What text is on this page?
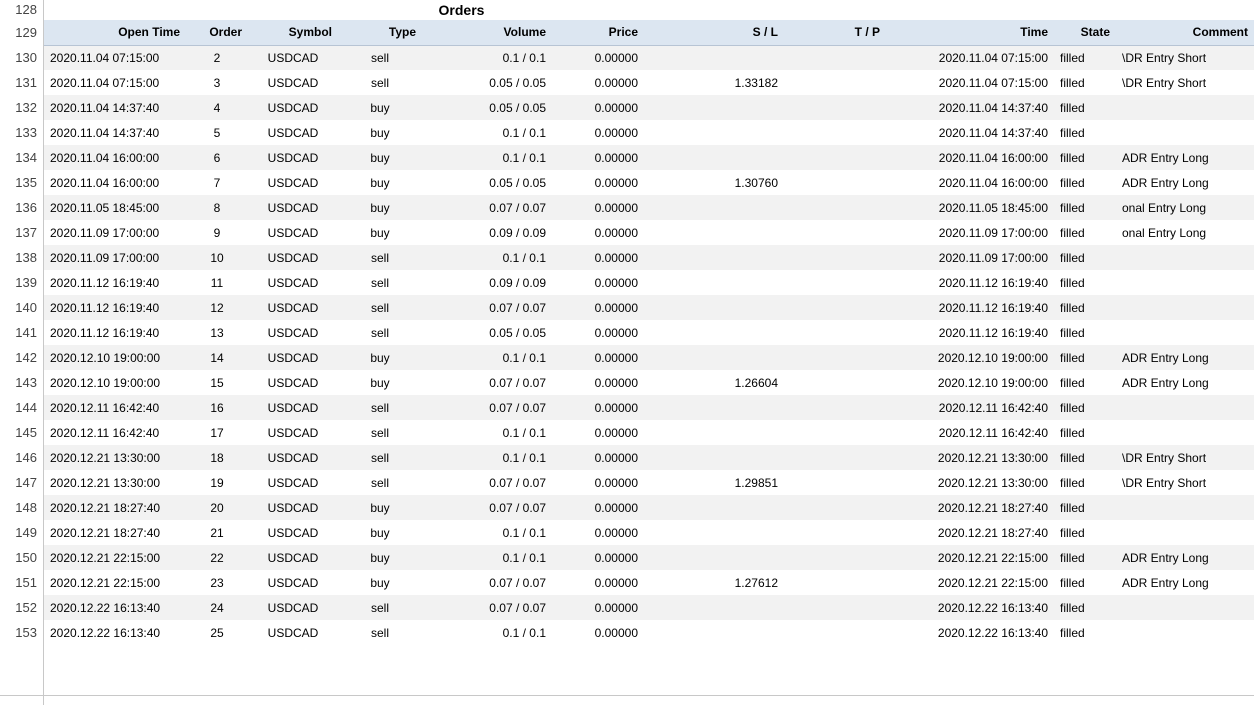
128
129
130
131
132
133
134
135
136
137
138
139
140
141
142
143
144
145
146
147
148
149
150
151
152
153
Orders
Open Time	Order	Symbol	Type	Volume	Price	S / L	T / P	Time	State	Comment
2020.11.04 07:15:00	2	USDCAD	sell	0.1 / 0.1	0.00000			2020.11.04 07:15:00	filled	\DR Entry Short
2020.11.04 07:15:00	3	USDCAD	sell	0.05 / 0.05	0.00000	1.33182		2020.11.04 07:15:00	filled	\DR Entry Short
2020.11.04 14:37:40	4	USDCAD	buy	0.05 / 0.05	0.00000			2020.11.04 14:37:40	filled	
2020.11.04 14:37:40	5	USDCAD	buy	0.1 / 0.1	0.00000			2020.11.04 14:37:40	filled	
2020.11.04 16:00:00	6	USDCAD	buy	0.1 / 0.1	0.00000			2020.11.04 16:00:00	filled	ADR Entry Long
2020.11.04 16:00:00	7	USDCAD	buy	0.05 / 0.05	0.00000	1.30760		2020.11.04 16:00:00	filled	ADR Entry Long
2020.11.05 18:45:00	8	USDCAD	buy	0.07 / 0.07	0.00000			2020.11.05 18:45:00	filled	onal Entry Long
2020.11.09 17:00:00	9	USDCAD	buy	0.09 / 0.09	0.00000			2020.11.09 17:00:00	filled	onal Entry Long
2020.11.09 17:00:00	10	USDCAD	sell	0.1 / 0.1	0.00000			2020.11.09 17:00:00	filled	
2020.11.12 16:19:40	11	USDCAD	sell	0.09 / 0.09	0.00000			2020.11.12 16:19:40	filled	
2020.11.12 16:19:40	12	USDCAD	sell	0.07 / 0.07	0.00000			2020.11.12 16:19:40	filled	
2020.11.12 16:19:40	13	USDCAD	sell	0.05 / 0.05	0.00000			2020.11.12 16:19:40	filled	
2020.12.10 19:00:00	14	USDCAD	buy	0.1 / 0.1	0.00000			2020.12.10 19:00:00	filled	ADR Entry Long
2020.12.10 19:00:00	15	USDCAD	buy	0.07 / 0.07	0.00000	1.26604		2020.12.10 19:00:00	filled	ADR Entry Long
2020.12.11 16:42:40	16	USDCAD	sell	0.07 / 0.07	0.00000			2020.12.11 16:42:40	filled	
2020.12.11 16:42:40	17	USDCAD	sell	0.1 / 0.1	0.00000			2020.12.11 16:42:40	filled	
2020.12.21 13:30:00	18	USDCAD	sell	0.1 / 0.1	0.00000			2020.12.21 13:30:00	filled	\DR Entry Short
2020.12.21 13:30:00	19	USDCAD	sell	0.07 / 0.07	0.00000	1.29851		2020.12.21 13:30:00	filled	\DR Entry Short
2020.12.21 18:27:40	20	USDCAD	buy	0.07 / 0.07	0.00000			2020.12.21 18:27:40	filled	
2020.12.21 18:27:40	21	USDCAD	buy	0.1 / 0.1	0.00000			2020.12.21 18:27:40	filled	
2020.12.21 22:15:00	22	USDCAD	buy	0.1 / 0.1	0.00000			2020.12.21 22:15:00	filled	ADR Entry Long
2020.12.21 22:15:00	23	USDCAD	buy	0.07 / 0.07	0.00000	1.27612		2020.12.21 22:15:00	filled	ADR Entry Long
2020.12.22 16:13:40	24	USDCAD	sell	0.07 / 0.07	0.00000			2020.12.22 16:13:40	filled	
2020.12.22 16:13:40	25	USDCAD	sell	0.1 / 0.1	0.00000			2020.12.22 16:13:40	filled	
